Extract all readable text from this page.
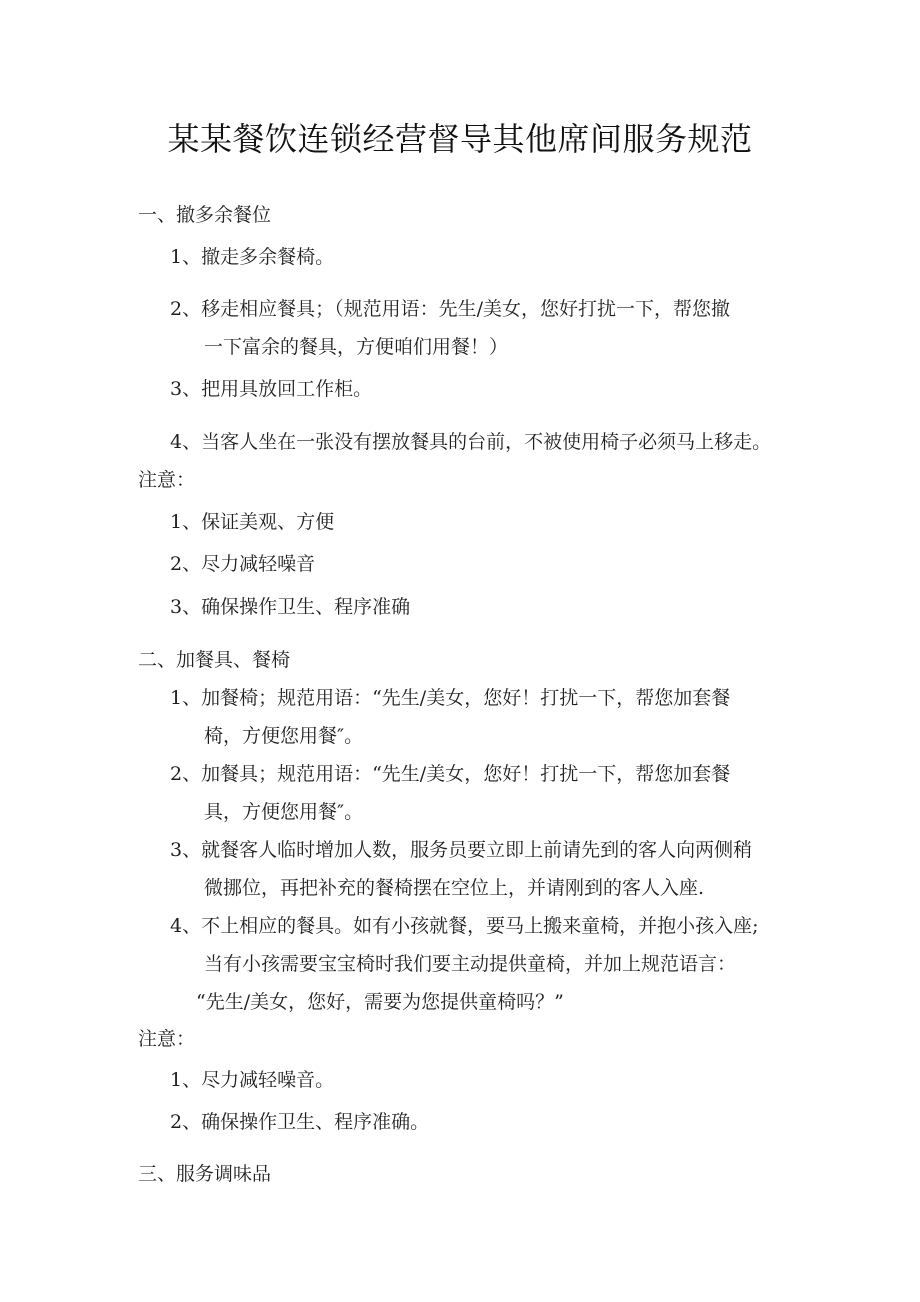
某某餐饮连锁经营督导其他席间服务规范

一、撤多余餐位

1、撤走多余餐椅。

2、移走相应餐具；（规范用语：先生/美女，您好打扰一下，帮您撤

一下富余的餐具，方便咱们用餐！）

3、把用具放回工作柜。

4、当客人坐在一张没有摆放餐具的台前，不被使用椅子必须马上移走。

注意：

1、保证美观、方便

2、尽力减轻噪音

3、确保操作卫生、程序准确

二、加餐具、餐椅

1、加餐椅；规范用语：“先生/美女，您好！打扰一下，帮您加套餐

椅，方便您用餐″。

2、加餐具；规范用语：“先生/美女，您好！打扰一下，帮您加套餐

具，方便您用餐″。

3、就餐客人临时增加人数，服务员要立即上前请先到的客人向两侧稍

微挪位，再把补充的餐椅摆在空位上，并请刚到的客人入座.

4、不上相应的餐具。如有小孩就餐，要马上搬来童椅，并抱小孩入座;

当有小孩需要宝宝椅时我们要主动提供童椅，并加上规范语言：

“先生/美女，您好，需要为您提供童椅吗？”

注意：

1、尽力减轻噪音。

2、确保操作卫生、程序准确。

三、服务调味品
